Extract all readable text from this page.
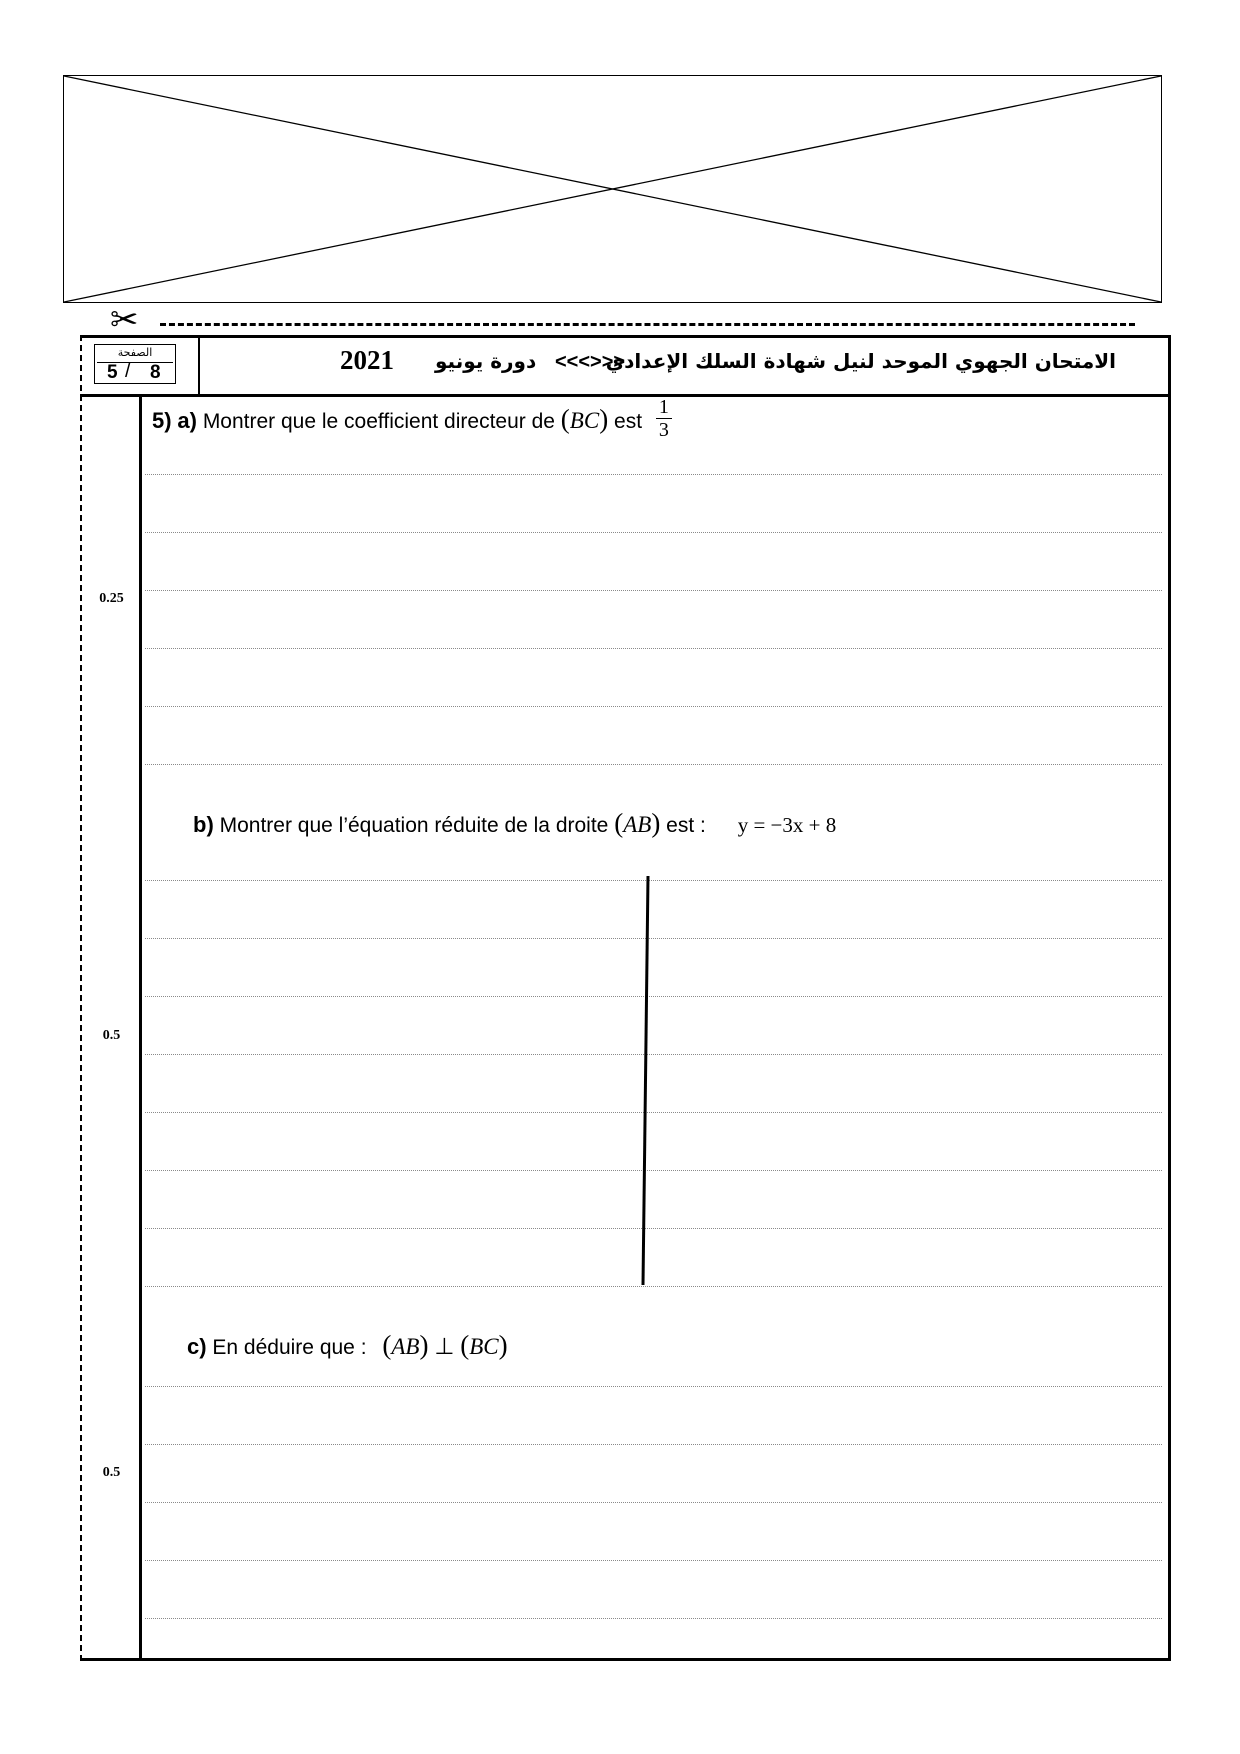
✂
الصفحة
5 / 8	2021 دورة يونيو <<<>>>
الامتحان الجهوي الموحد لنيل شهادة السلك الإعدادي
0.25
0.5
0.5
5) a) Montrer que le coefficient directeur de (BC) est $\frac{1}{3}$
b) Montrer que l’équation réduite de la droite (AB) est : y = −3x + 8
c) En déduire que : (AB) ⊥ (BC)
